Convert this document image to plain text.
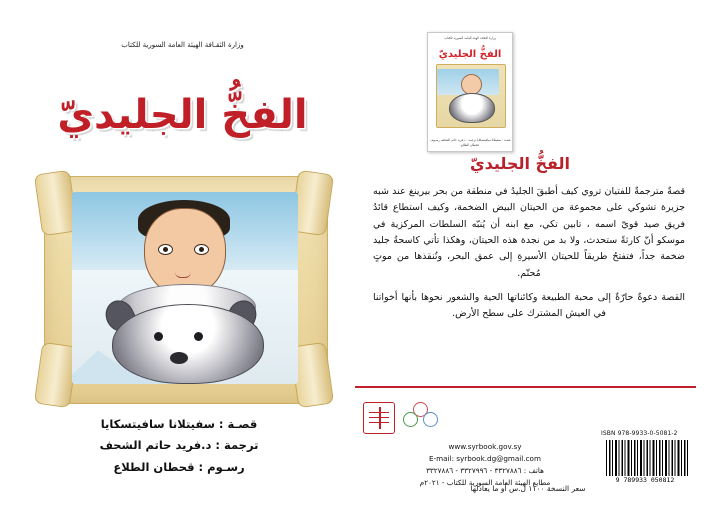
وزارة الثقافة الهيئة العامة السورية للكتاب
الفخُّ الجليديّ
قصـة : سفيتلانا سافيتسكايا ترجمة : د.فريد حاتم الشحف رسـوم : قحطان الطلاع
الفخُّ الجليديّ

قصةٌ مترجمةٌ للفتيان تروي كيف أطبقَ الجليدُ ﻓﻲ منطقة من بحر بيرينغ عند شبه جزيرة تشوكي على مجموعة من الحيتان البيض الضخمة، وكيف استطاع قائدُ فريق صيد قويّ اسمه ، تابين تكي، مع ابنه أن يُنبّه السلطات المركزية ﻓﻲ موسكو أنّ كارثةً ستحدث، ولا بد من نجدة هذه الحيتان، وهكذا تأتي كاسحةُ جليد ضخمة جداً، فتفتحُ طريقاً للحيتان الأسيرةِ إلى عمق البحر، وتُنقذها من موتٍ مُحتّم.

القصة دعوةٌ حارّةٌ إلى محبة الطبيعة وكائناتها الحية والشعور نحوها بأنها أخواتنا ﻓﻲ العيش المشترك على سطح الأرض.

www.syrbook.gov.sy
E-mail: syrbook.dg@gmail.com
هاتف : ٣٣٢٧٨٨٦ - ٣٣٢٧٩٩٦ - ٣٣٢٧٨٨٦
مطابع الهيئة العامة السورية للكتاب - ٢٠٢١م
ISBN 978-9933-0-5081-2
9 789933 050812
سعر النسخة ١١٠٠ ل.س أو ما يعادلها
وزارة الثقـافة الهيئة العامة السورية للكتاب
الفخُّ الجليديّ
قصـة : سفيتلانا سافيتسكايا
ترجمة : د.فريد حاتم الشحف
رسـوم : قحطان الطلاع
